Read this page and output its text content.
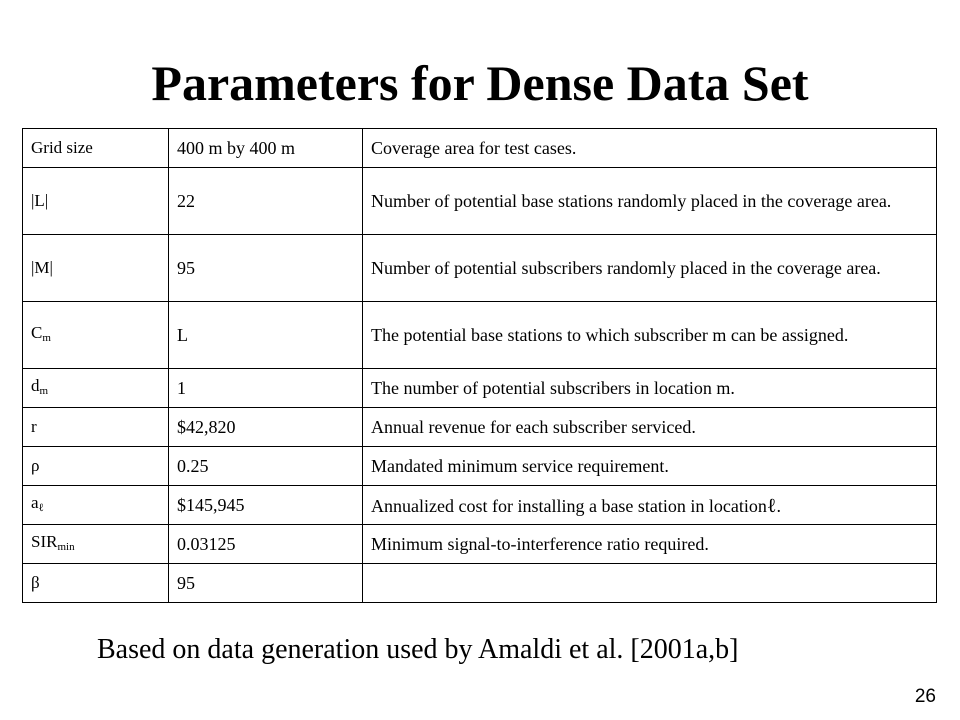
Parameters for Dense Data Set
Grid size	400 m by 400 m	Coverage area for test cases.
|L|	22	Number of potential base stations randomly placed in the coverage area.
|M|	95	Number of potential subscribers randomly placed in the coverage area.
$C_m$	L	The potential base stations to which subscriber m can be assigned.
$d_m$	1	The number of potential subscribers in location m.
r	$42,820	Annual revenue for each subscriber serviced.
ρ	0.25	Mandated minimum service requirement.
$a_\ell$	$145,945	Annualized cost for installing a base station in locationℓ.
$SIR_{min}$	0.03125	Minimum signal-to-interference ratio required.
β	95	
Based on data generation used by Amaldi et al. [2001a,b]
26
